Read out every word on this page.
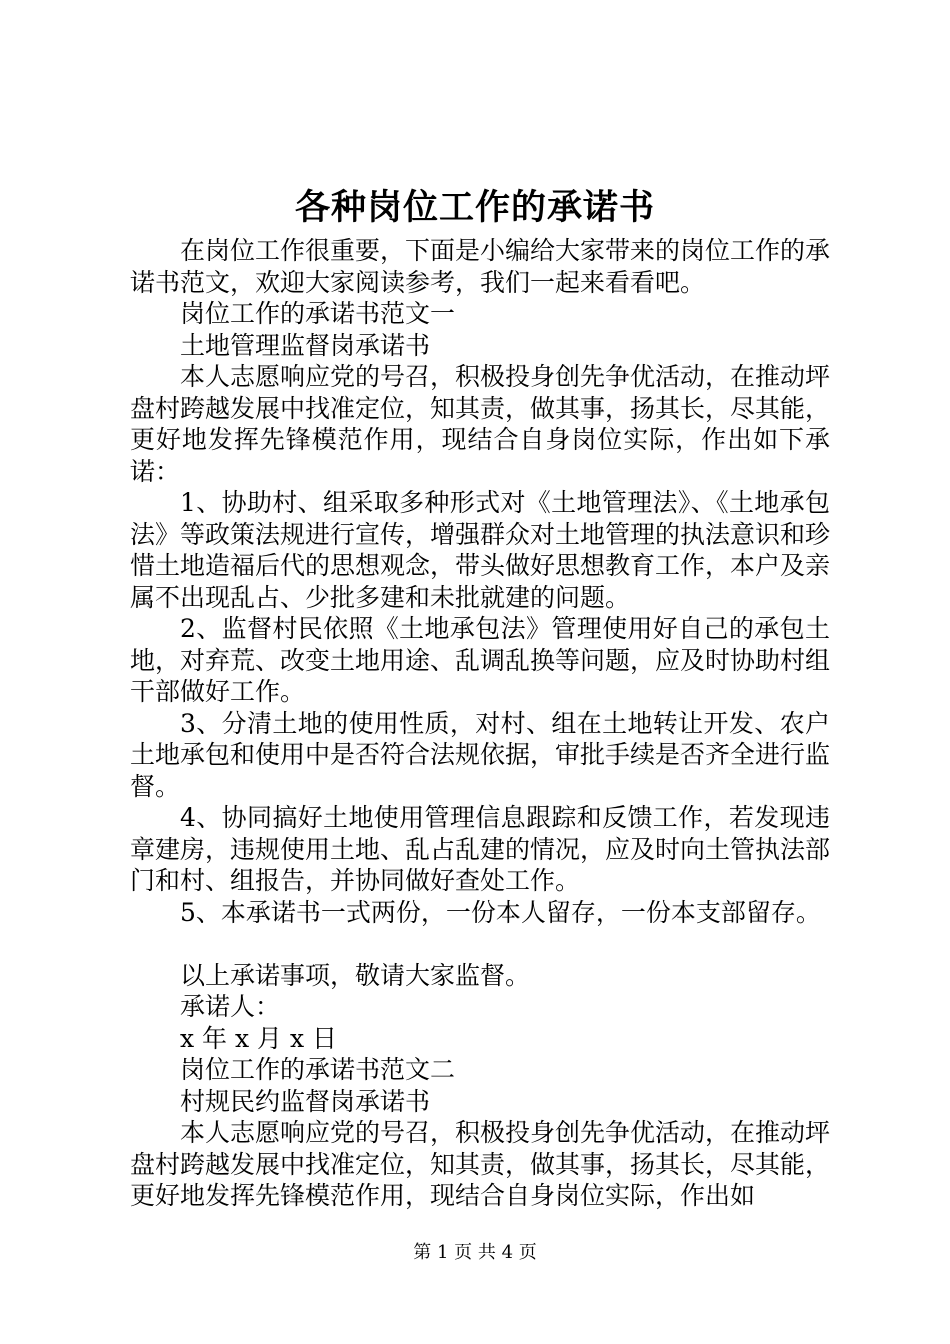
各种岗位工作的承诺书

在岗位工作很重要，下面是小编给大家带来的岗位工作的承诺书范文，欢迎大家阅读参考，我们一起来看看吧。

岗位工作的承诺书范文一

土地管理监督岗承诺书

本人志愿响应党的号召，积极投身创先争优活动，在推动坪盘村跨越发展中找准定位，知其责，做其事，扬其长，尽其能，更好地发挥先锋模范作用，现结合自身岗位实际，作出如下承诺：

1、协助村、组采取多种形式对《土地管理法》、《土地承包法》等政策法规进行宣传，增强群众对土地管理的执法意识和珍惜土地造福后代的思想观念，带头做好思想教育工作，本户及亲属不出现乱占、少批多建和未批就建的问题。

2、监督村民依照《土地承包法》管理使用好自己的承包土地，对弃荒、改变土地用途、乱调乱换等问题，应及时协助村组干部做好工作。

3、分清土地的使用性质，对村、组在土地转让开发、农户土地承包和使用中是否符合法规依据，审批手续是否齐全进行监督。

4、协同搞好土地使用管理信息跟踪和反馈工作，若发现违章建房，违规使用土地、乱占乱建的情况，应及时向土管执法部门和村、组报告，并协同做好查处工作。

5、本承诺书一式两份，一份本人留存，一份本支部留存。

以上承诺事项，敬请大家监督。

承诺人：

x 年 x 月 x 日

岗位工作的承诺书范文二

村规民约监督岗承诺书

本人志愿响应党的号召，积极投身创先争优活动，在推动坪盘村跨越发展中找准定位，知其责，做其事，扬其长，尽其能，更好地发挥先锋模范作用，现结合自身岗位实际，作出如

第 1 页 共 4 页
